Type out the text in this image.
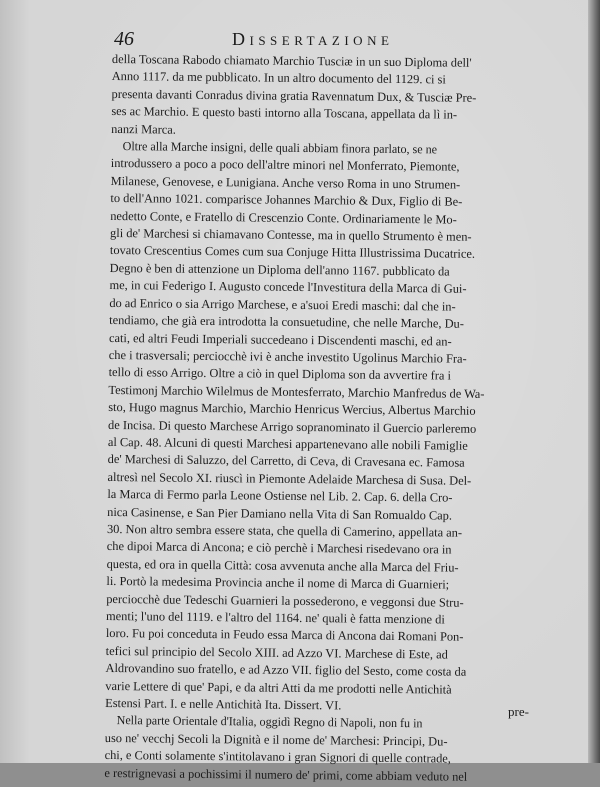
46	Dissertazione
della Toscana Rabodo chiamato Marchio Tusciæ in un suo Diploma dell'
Anno 1117. da me pubblicato. In un altro documento del 1129. ci si
presenta davanti Conradus divina gratia Ravennatum Dux, & Tusciæ Pre-
ses ac Marchio. E questo basti intorno alla Toscana, appellata da lì in-
nanzi Marca.
Oltre alla Marche insigni, delle quali abbiam finora parlato, se ne
introdussero a poco a poco dell'altre minori nel Monferrato, Piemonte,
Milanese, Genovese, e Lunigiana. Anche verso Roma in uno Strumen-
to dell'Anno 1021. comparisce Johannes Marchio & Dux, Figlio di Be-
nedetto Conte, e Fratello di Crescenzio Conte. Ordinariamente le Mo-
gli de' Marchesi si chiamavano Contesse, ma in quello Strumento è men-
tovato Crescentius Comes cum sua Conjuge Hitta Illustrissima Ducatrice.
Degno è ben di attenzione un Diploma dell'anno 1167. pubblicato da
me, in cui Federigo I. Augusto concede l'Investitura della Marca di Gui-
do ad Enrico o sia Arrigo Marchese, e a'suoi Eredi maschi: dal che in-
tendiamo, che già era introdotta la consuetudine, che nelle Marche, Du-
cati, ed altri Feudi Imperiali succedeano i Discendenti maschi, ed an-
che i trasversali; perciocchè ivi è anche investito Ugolinus Marchio Fra-
tello di esso Arrigo. Oltre a ciò in quel Diploma son da avvertire fra i
Testimonj Marchio Wilelmus de Montesferrato, Marchio Manfredus de Wa-
sto, Hugo magnus Marchio, Marchio Henricus Wercius, Albertus Marchio
de Incisa. Di questo Marchese Arrigo sopranominato il Guercio parleremo
al Cap. 48. Alcuni di questi Marchesi appartenevano alle nobili Famiglie
de' Marchesi di Saluzzo, del Carretto, di Ceva, di Cravesana ec. Famosa
altresì nel Secolo XI. riuscì in Piemonte Adelaide Marchesa di Susa. Del-
la Marca di Fermo parla Leone Ostiense nel Lib. 2. Cap. 6. della Cro-
nica Casinense, e San Pier Damiano nella Vita di San Romualdo Cap.
30. Non altro sembra essere stata, che quella di Camerino, appellata an-
che dipoi Marca di Ancona; e ciò perchè i Marchesi risedevano ora in
questa, ed ora in quella Città: cosa avvenuta anche alla Marca del Friu-
li. Portò la medesima Provincia anche il nome di Marca di Guarnieri;
perciocchè due Tedeschi Guarnieri la possederono, e veggonsi due Stru-
menti; l'uno del 1119. e l'altro del 1164. ne' quali è fatta menzione di
loro. Fu poi conceduta in Feudo essa Marca di Ancona dai Romani Pon-
tefici sul principio del Secolo XIII. ad Azzo VI. Marchese di Este, ad
Aldrovandino suo fratello, e ad Azzo VII. figlio del Sesto, come costa da
varie Lettere di que' Papi, e da altri Atti da me prodotti nelle Antichità
Estensi Part. I. e nelle Antichità Ita. Dissert. VI.
Nella parte Orientale d'Italia, oggidì Regno di Napoli, non fu in
uso ne' vecchj Secoli la Dignità e il nome de' Marchesi: Principi, Du-
chi, e Conti solamente s'intitolavano i gran Signori di quelle contrade,
e restrignevasi a pochissimi il numero de' primi, come abbiam veduto nel
pre-
